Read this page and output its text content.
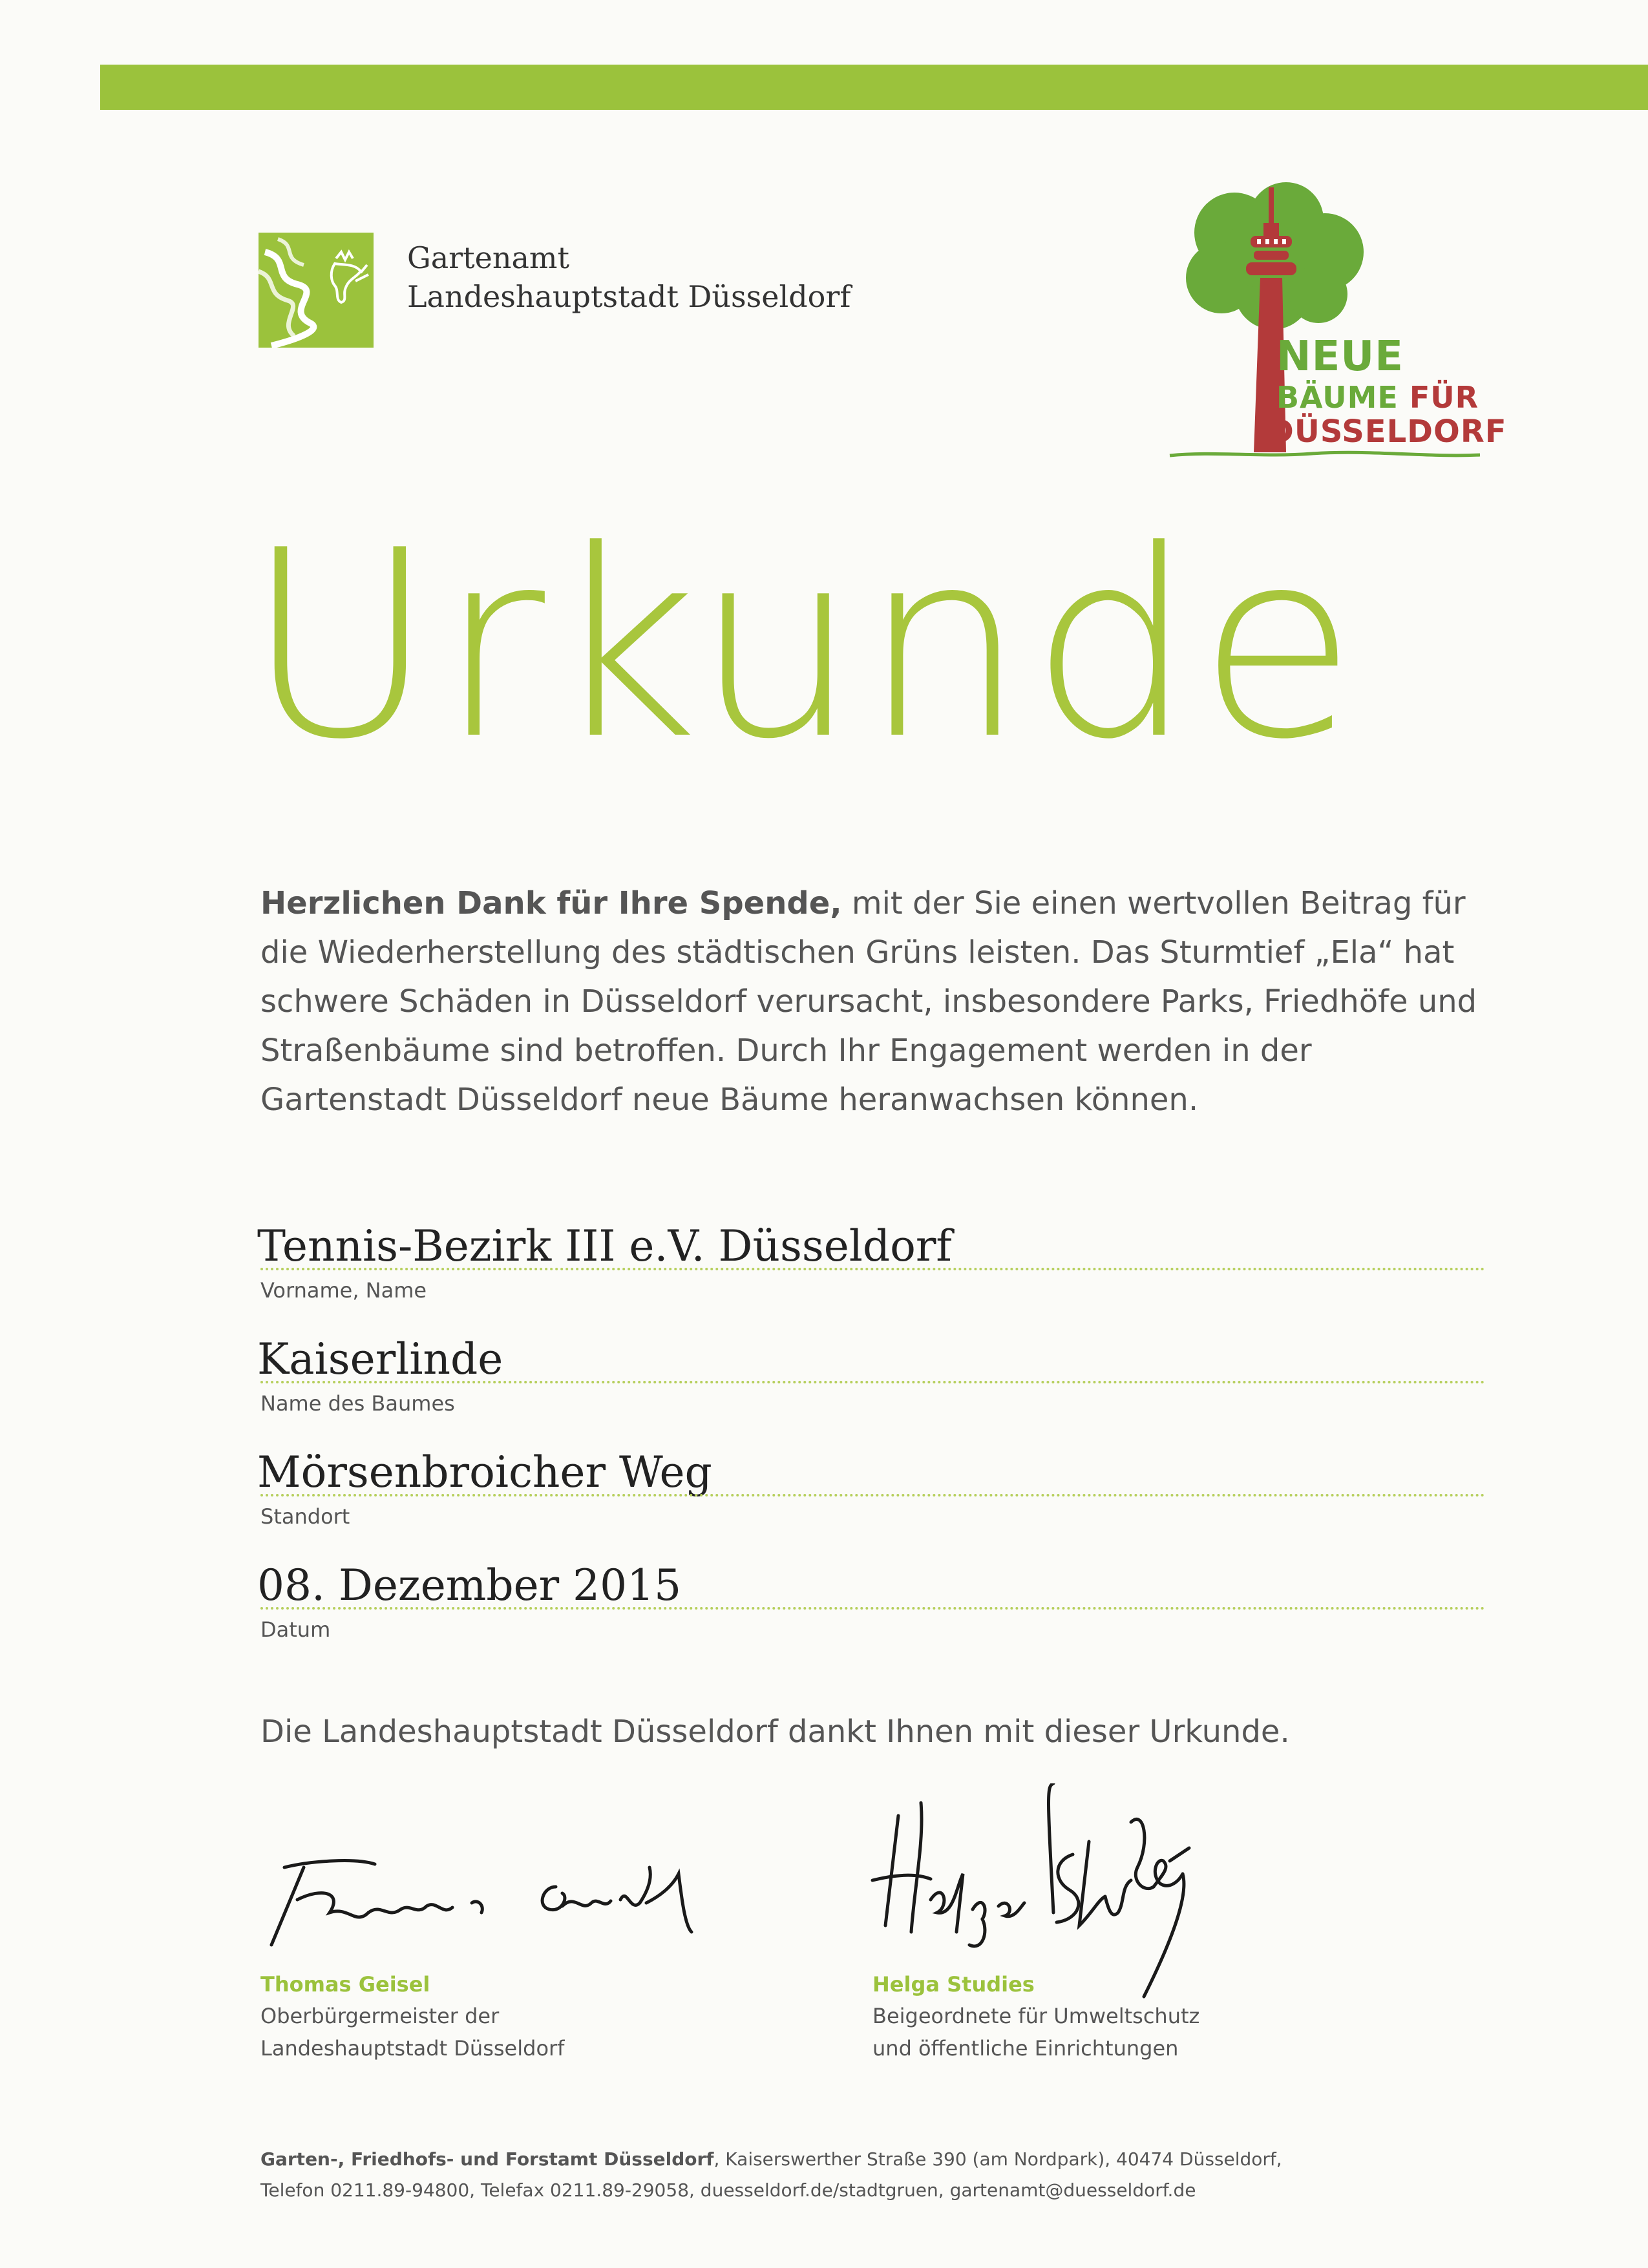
Gartenamt
Landeshauptstadt Düsseldorf
NEUE
BÄUME FÜR
DÜSSELDORF
Urkunde
Herzlichen Dank für Ihre Spende, mit der Sie einen wertvollen Beitrag für die Wiederherstellung des städtischen Grüns leisten. Das Sturmtief „Ela“ hat schwere Schäden in Düsseldorf verursacht, insbesondere Parks, Friedhöfe und Straßenbäume sind betroffen. Durch Ihr Engagement werden in der Gartenstadt Düsseldorf neue Bäume heranwachsen können.
Tennis-Bezirk III e.V. Düsseldorf
Vorname, Name
Kaiserlinde
Name des Baumes
Mörsenbroicher Weg
Standort
08. Dezember 2015
Datum
Die Landeshauptstadt Düsseldorf dankt Ihnen mit dieser Urkunde.
Thomas Geisel
Oberbürgermeister der
Landeshauptstadt Düsseldorf
Helga Studies
Beigeordnete für Umweltschutz
und öffentliche Einrichtungen
Garten-, Friedhofs- und Forstamt Düsseldorf, Kaiserswerther Straße 390 (am Nordpark), 40474 Düsseldorf,
Telefon 0211.89-94800, Telefax 0211.89-29058, duesseldorf.de/stadtgruen, gartenamt@duesseldorf.de
